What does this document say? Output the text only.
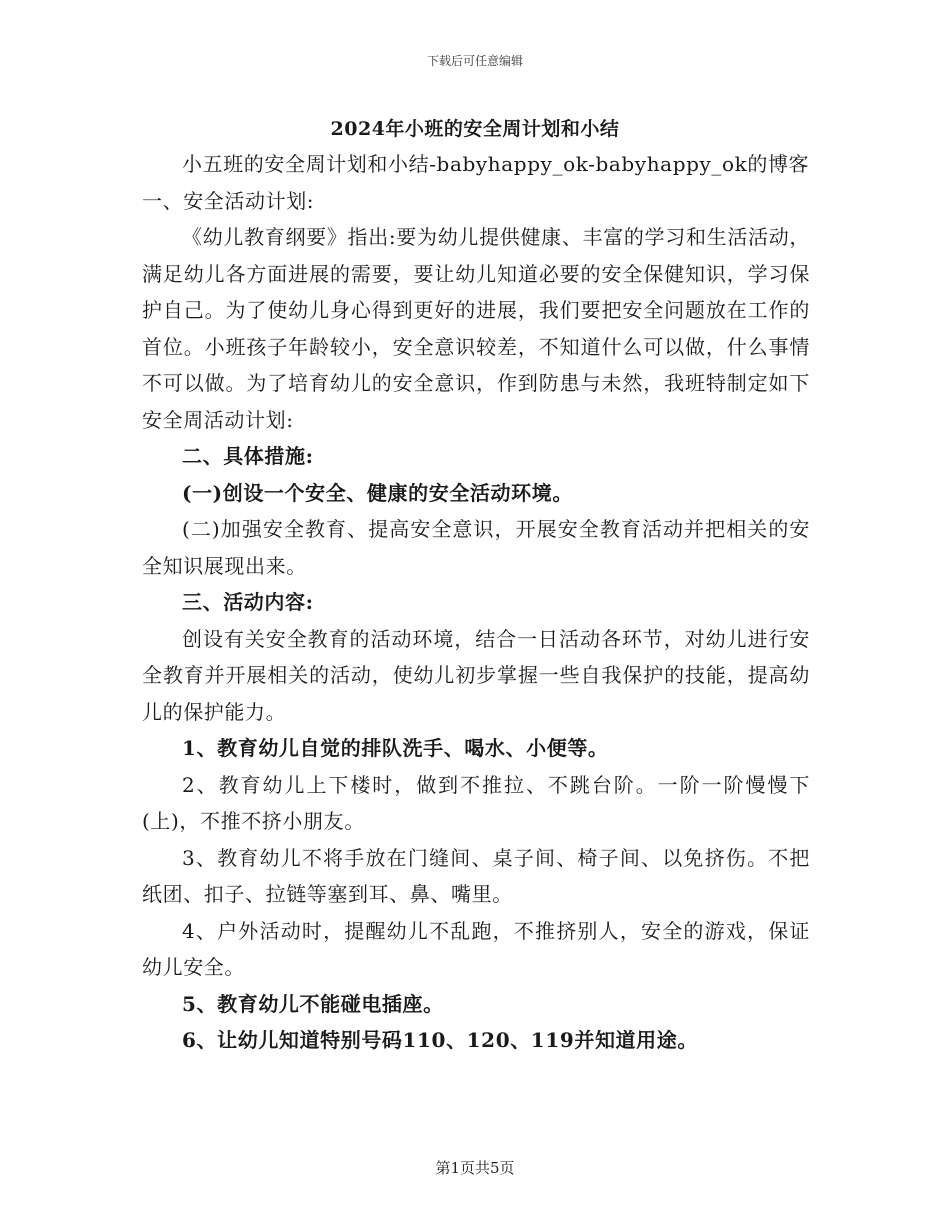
下载后可任意编辑
2024年小班的安全周计划和小结

小五班的安全周计划和小结-babyhappy_ok-babyhappy_ok的博客

一、安全活动计划:

《幼儿教育纲要》指出:要为幼儿提供健康、丰富的学习和生活活动，满足幼儿各方面进展的需要，要让幼儿知道必要的安全保健知识，学习保护自己。为了使幼儿身心得到更好的进展，我们要把安全问题放在工作的首位。小班孩子年龄较小，安全意识较差，不知道什么可以做，什么事情不可以做。为了培育幼儿的安全意识，作到防患与未然，我班特制定如下安全周活动计划:

二、具体措施:

(一)创设一个安全、健康的安全活动环境。

(二)加强安全教育、提高安全意识，开展安全教育活动并把相关的安全知识展现出来。

三、活动内容:

创设有关安全教育的活动环境，结合一日活动各环节，对幼儿进行安全教育并开展相关的活动，使幼儿初步掌握一些自我保护的技能，提高幼儿的保护能力。

1、教育幼儿自觉的排队洗手、喝水、小便等。

2、教育幼儿上下楼时，做到不推拉、不跳台阶。一阶一阶慢慢下(上)，不推不挤小朋友。

3、教育幼儿不将手放在门缝间、桌子间、椅子间、以免挤伤。不把纸团、扣子、拉链等塞到耳、鼻、嘴里。

4、户外活动时，提醒幼儿不乱跑，不推挤别人，安全的游戏，保证幼儿安全。

5、教育幼儿不能碰电插座。

6、让幼儿知道特别号码110、120、119并知道用途。

第1页共5页
